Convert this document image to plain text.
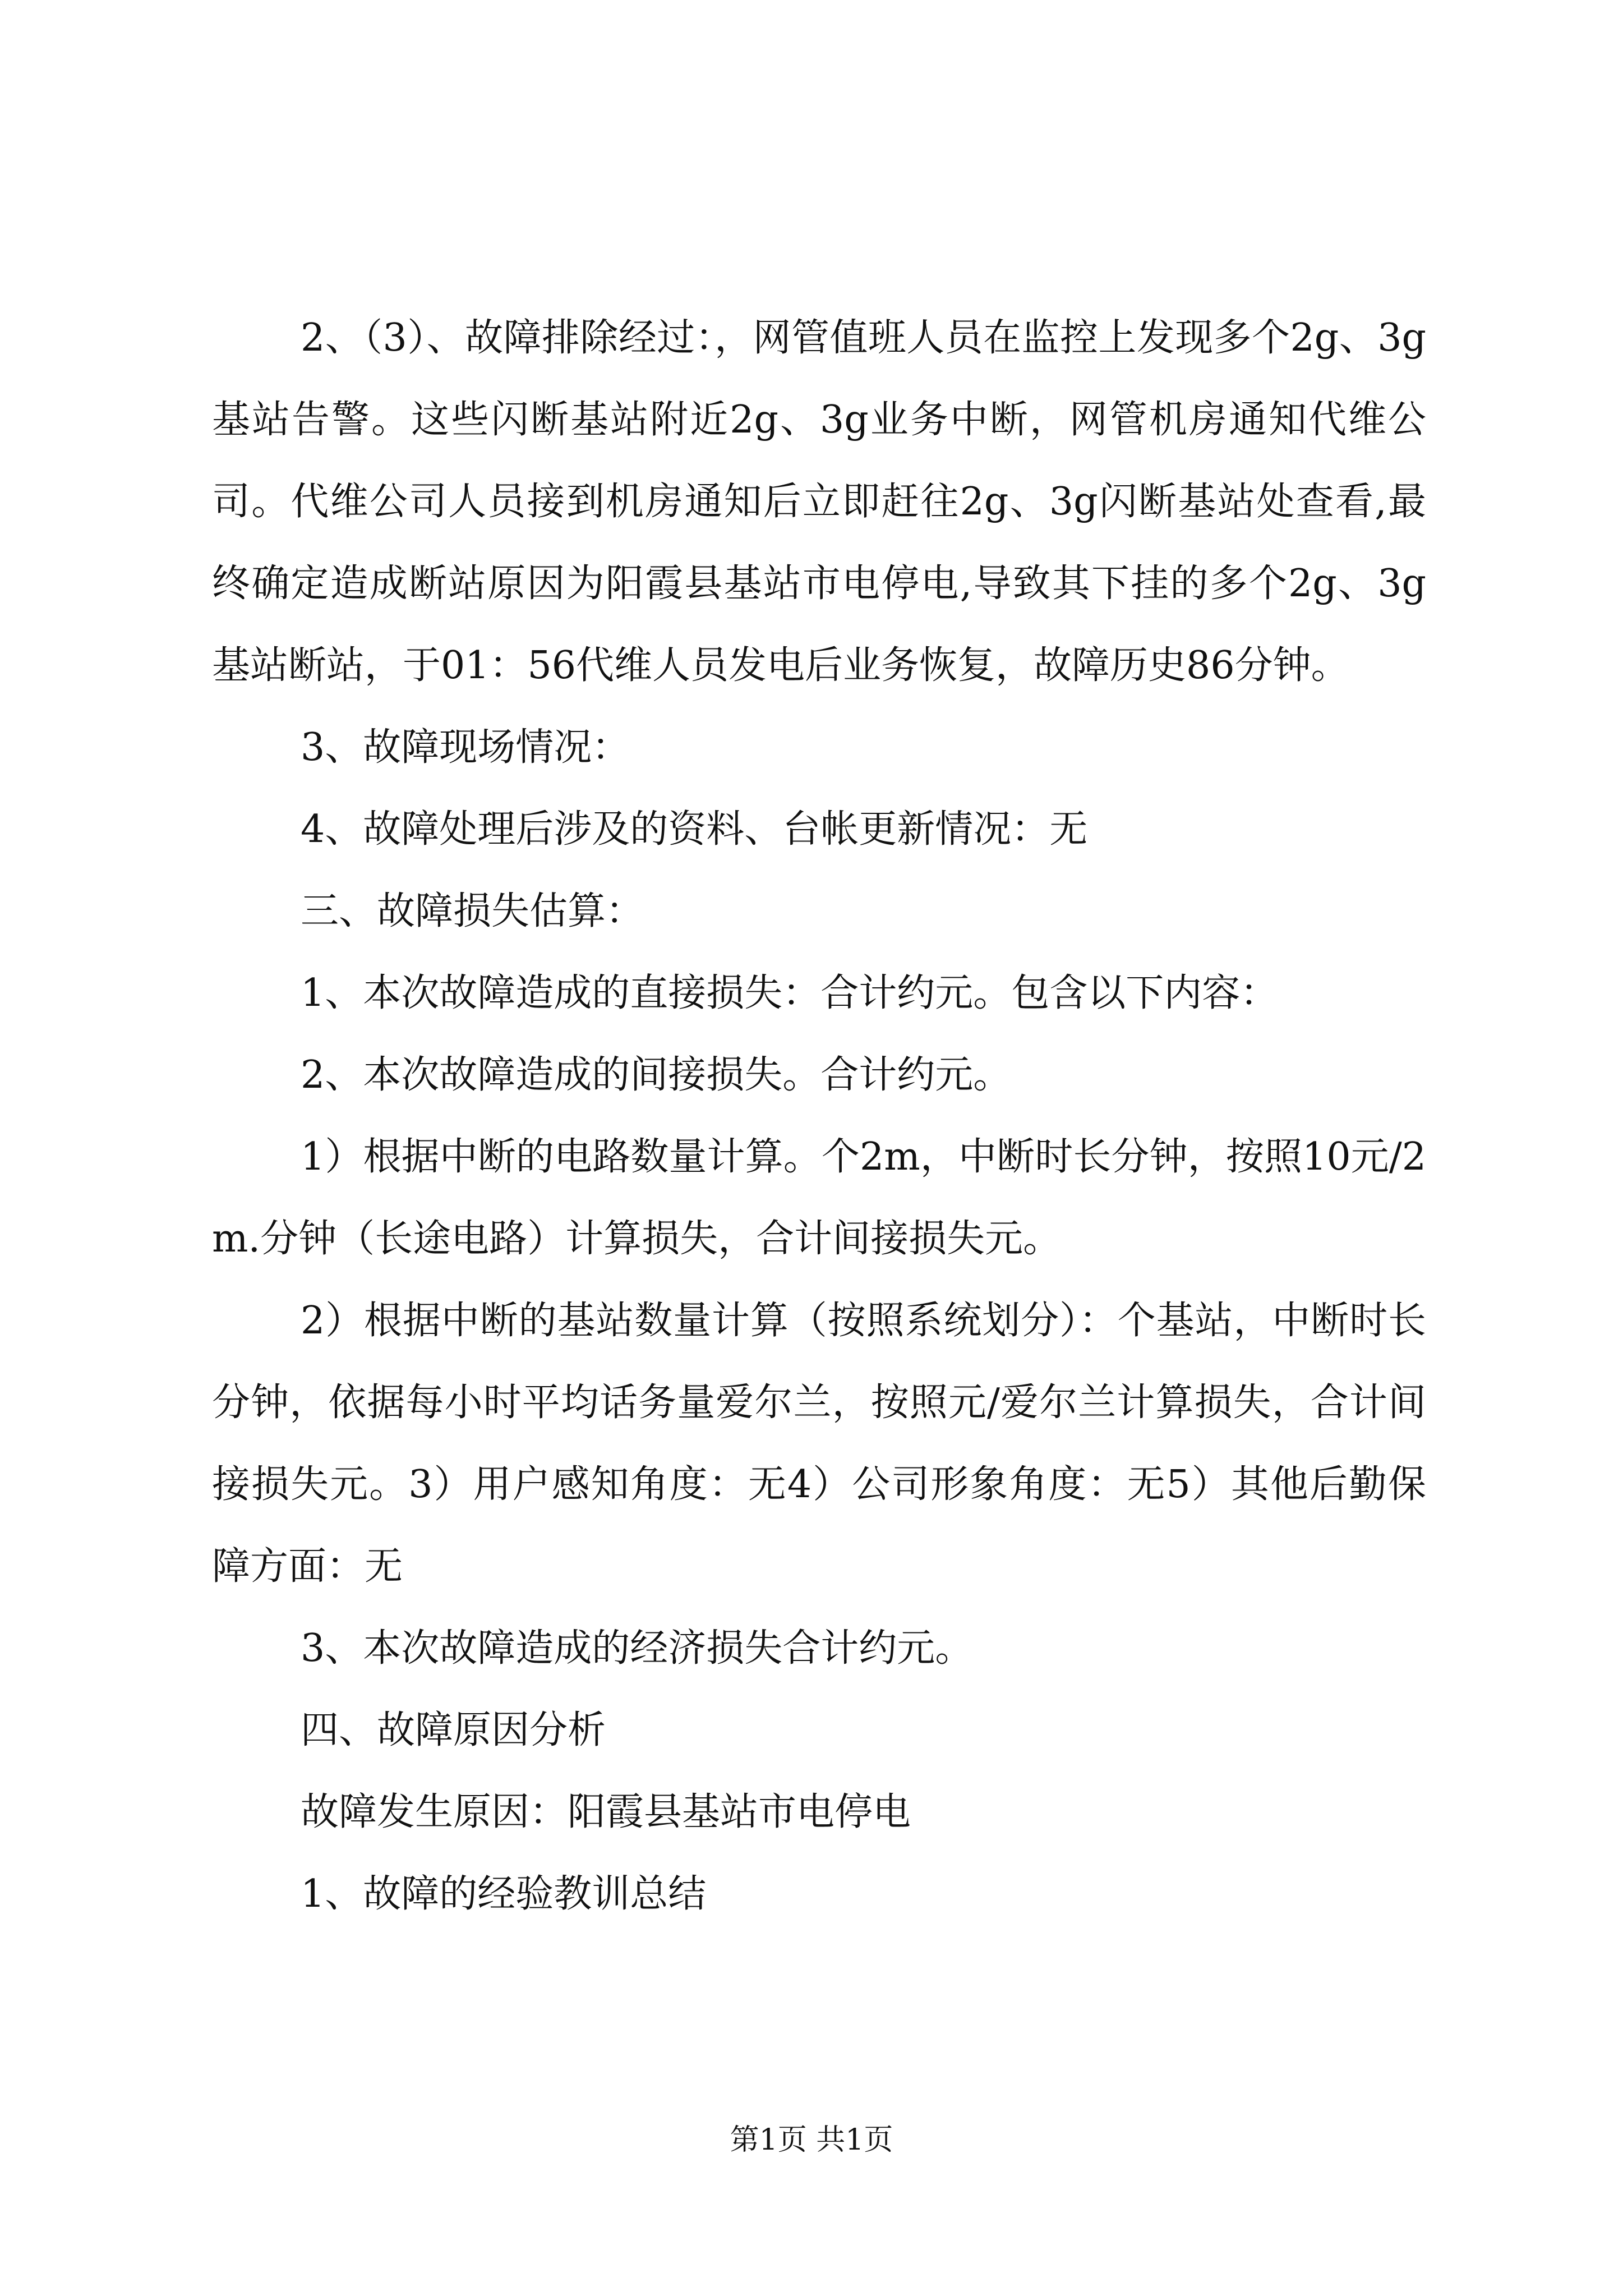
2、（3）、故障排除经过：，网管值班人员在监控上发现多个2g、3g基站告警。这些闪断基站附近2g、3g业务中断，网管机房通知代维公司。代维公司人员接到机房通知后立即赶往2g、3g闪断基站处查看,最终确定造成断站原因为阳霞县基站市电停电,导致其下挂的多个2g、3g基站断站，于01：56代维人员发电后业务恢复，故障历史86分钟。

3、故障现场情况：

4、故障处理后涉及的资料、台帐更新情况：无

三、故障损失估算：

1、本次故障造成的直接损失：合计约元。包含以下内容：

2、本次故障造成的间接损失。合计约元。

1）根据中断的电路数量计算。个2m，中断时长分钟，按照10元/2m.分钟（长途电路）计算损失，合计间接损失元。

2）根据中断的基站数量计算（按照系统划分）：个基站，中断时长分钟，依据每小时平均话务量爱尔兰，按照元/爱尔兰计算损失，合计间接损失元。3）用户感知角度：无4）公司形象角度：无5）其他后勤保障方面：无

3、本次故障造成的经济损失合计约元。

四、故障原因分析

故障发生原因：阳霞县基站市电停电

1、故障的经验教训总结

第1页 共1页
